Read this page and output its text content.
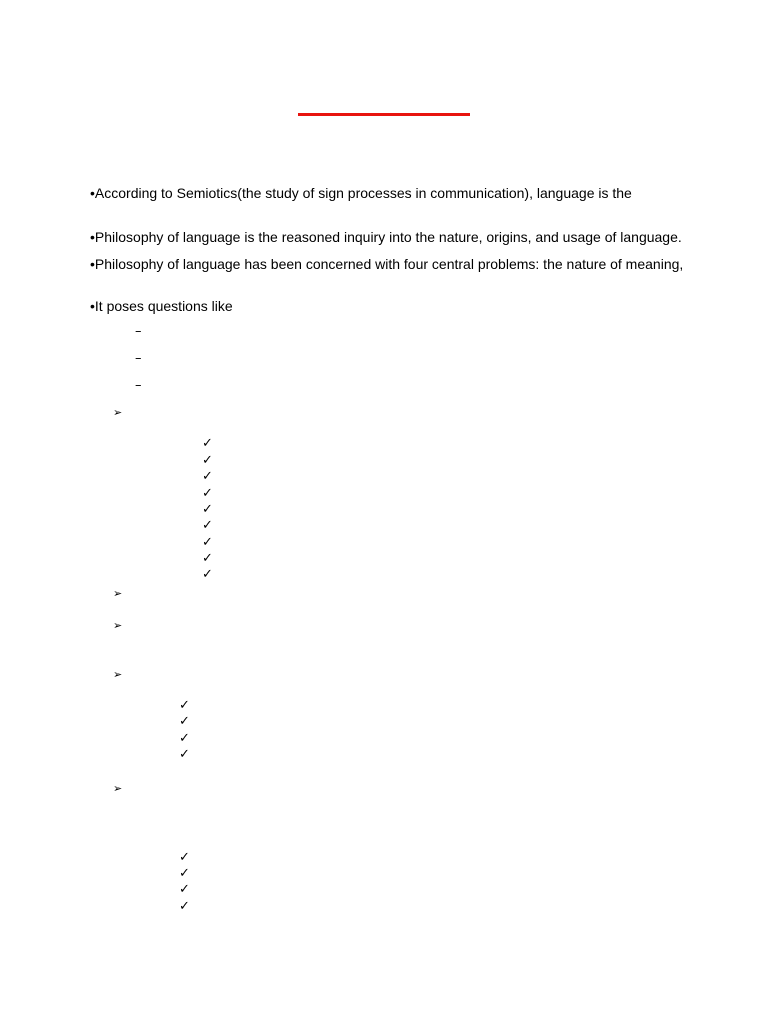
•According to Semiotics(the study of sign processes in communication), language is the
•Philosophy of language is the reasoned inquiry into the nature, origins, and usage of language.
•Philosophy of language has been concerned with four central problems: the nature of meaning,
•It poses questions like
–
–
–
➢
✓
✓
✓
✓
✓
✓
✓
✓
✓
➢
➢
➢
✓
✓
✓
✓
➢
✓
✓
✓
✓
